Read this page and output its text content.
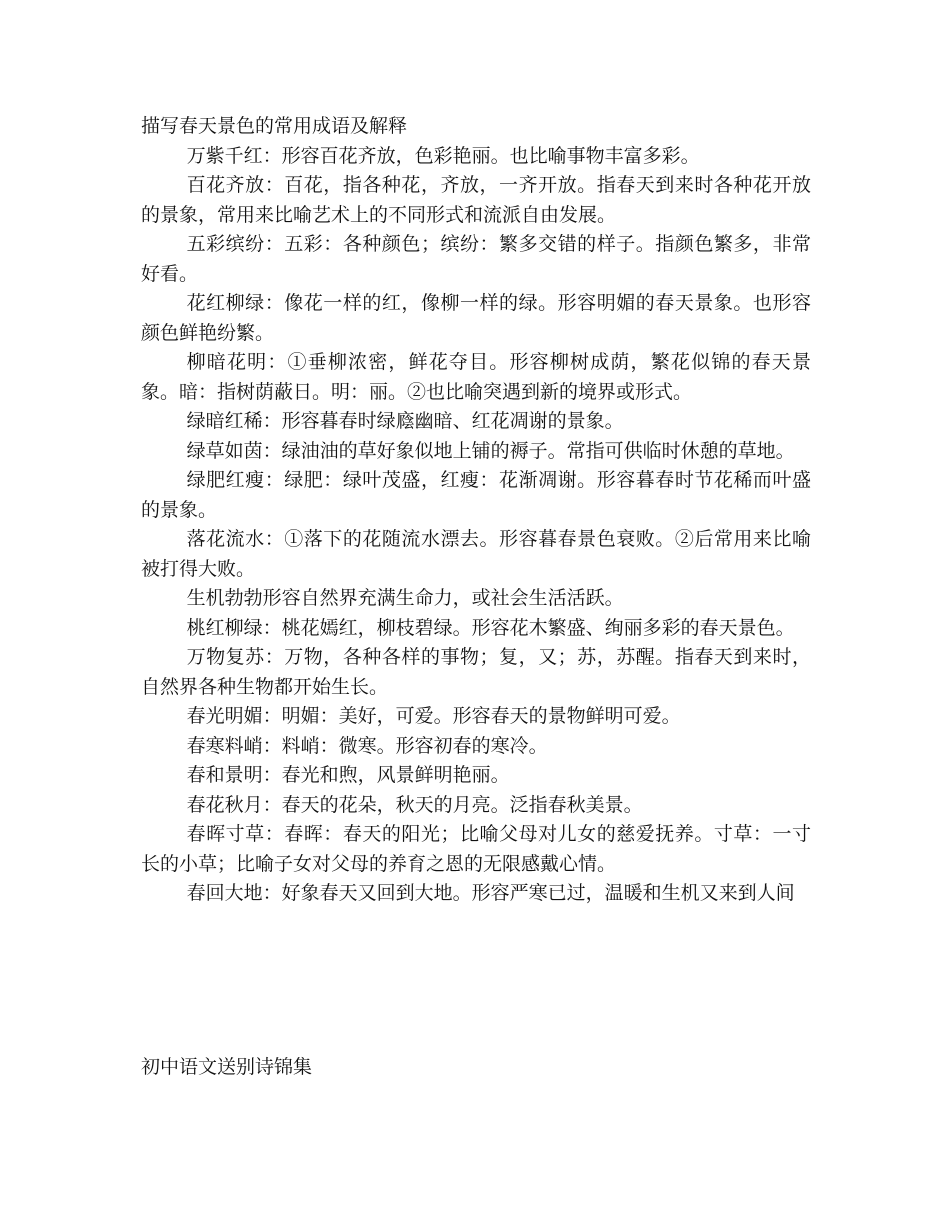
描写春天景色的常用成语及解释

万紫千红：形容百花齐放，色彩艳丽。也比喻事物丰富多彩。

百花齐放：百花，指各种花，齐放，一齐开放。指春天到来时各种花开放的景象，常用来比喻艺术上的不同形式和流派自由发展。

五彩缤纷：五彩：各种颜色；缤纷：繁多交错的样子。指颜色繁多，非常好看。

花红柳绿：像花一样的红，像柳一样的绿。形容明媚的春天景象。也形容颜色鲜艳纷繁。

柳暗花明：①垂柳浓密，鲜花夺目。形容柳树成荫，繁花似锦的春天景象。暗：指树荫蔽日。明：丽。②也比喻突遇到新的境界或形式。

绿暗红稀：形容暮春时绿廕幽暗、红花凋谢的景象。

绿草如茵：绿油油的草好象似地上铺的褥子。常指可供临时休憩的草地。

绿肥红瘦：绿肥：绿叶茂盛，红瘦：花渐凋谢。形容暮春时节花稀而叶盛的景象。

落花流水：①落下的花随流水漂去。形容暮春景色衰败。②后常用来比喻被打得大败。

生机勃勃形容自然界充满生命力，或社会生活活跃。

桃红柳绿：桃花嫣红，柳枝碧绿。形容花木繁盛、绚丽多彩的春天景色。

万物复苏：万物，各种各样的事物；复，又；苏，苏醒。指春天到来时，自然界各种生物都开始生长。

春光明媚：明媚：美好，可爱。形容春天的景物鲜明可爱。

春寒料峭：料峭：微寒。形容初春的寒冷。

春和景明：春光和煦，风景鲜明艳丽。

春花秋月：春天的花朵，秋天的月亮。泛指春秋美景。

春晖寸草：春晖：春天的阳光；比喻父母对儿女的慈爱抚养。寸草：一寸长的小草；比喻子女对父母的养育之恩的无限感戴心情。

春回大地：好象春天又回到大地。形容严寒已过，温暖和生机又来到人间

初中语文送别诗锦集
